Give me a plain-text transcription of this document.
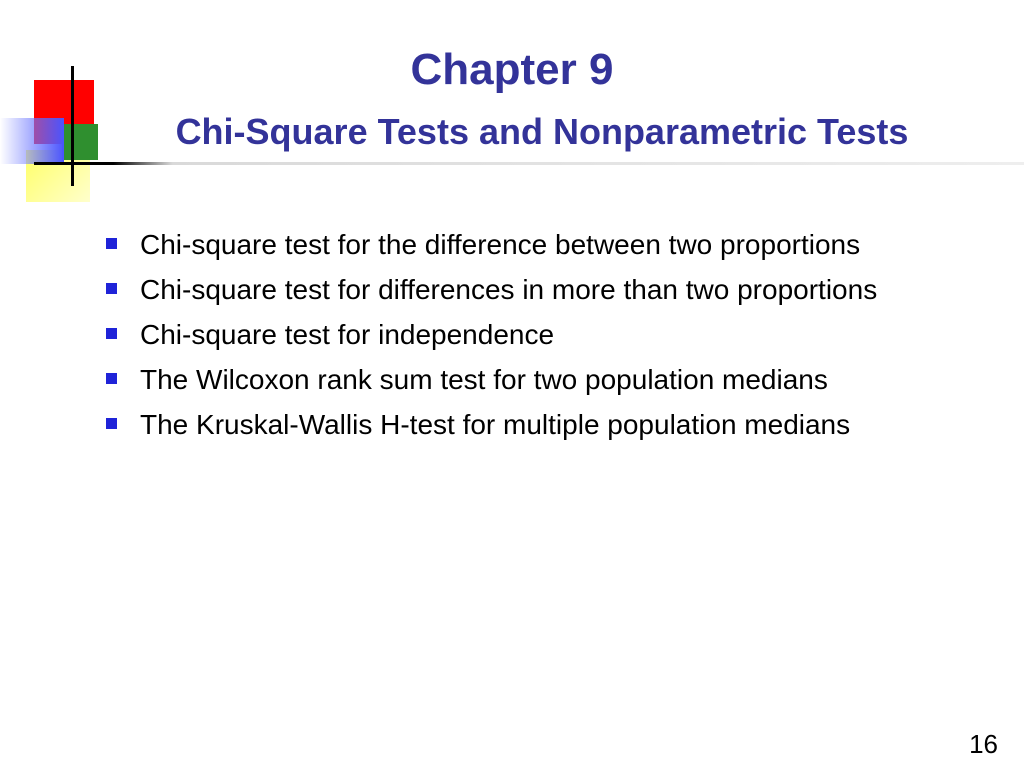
Chapter 9
Chi-Square Tests and Nonparametric Tests
Chi-square test for the difference between two proportions
Chi-square test for differences in more than two proportions
Chi-square test for independence
The Wilcoxon rank sum test for two population medians
The Kruskal-Wallis H-test for multiple population medians
16
